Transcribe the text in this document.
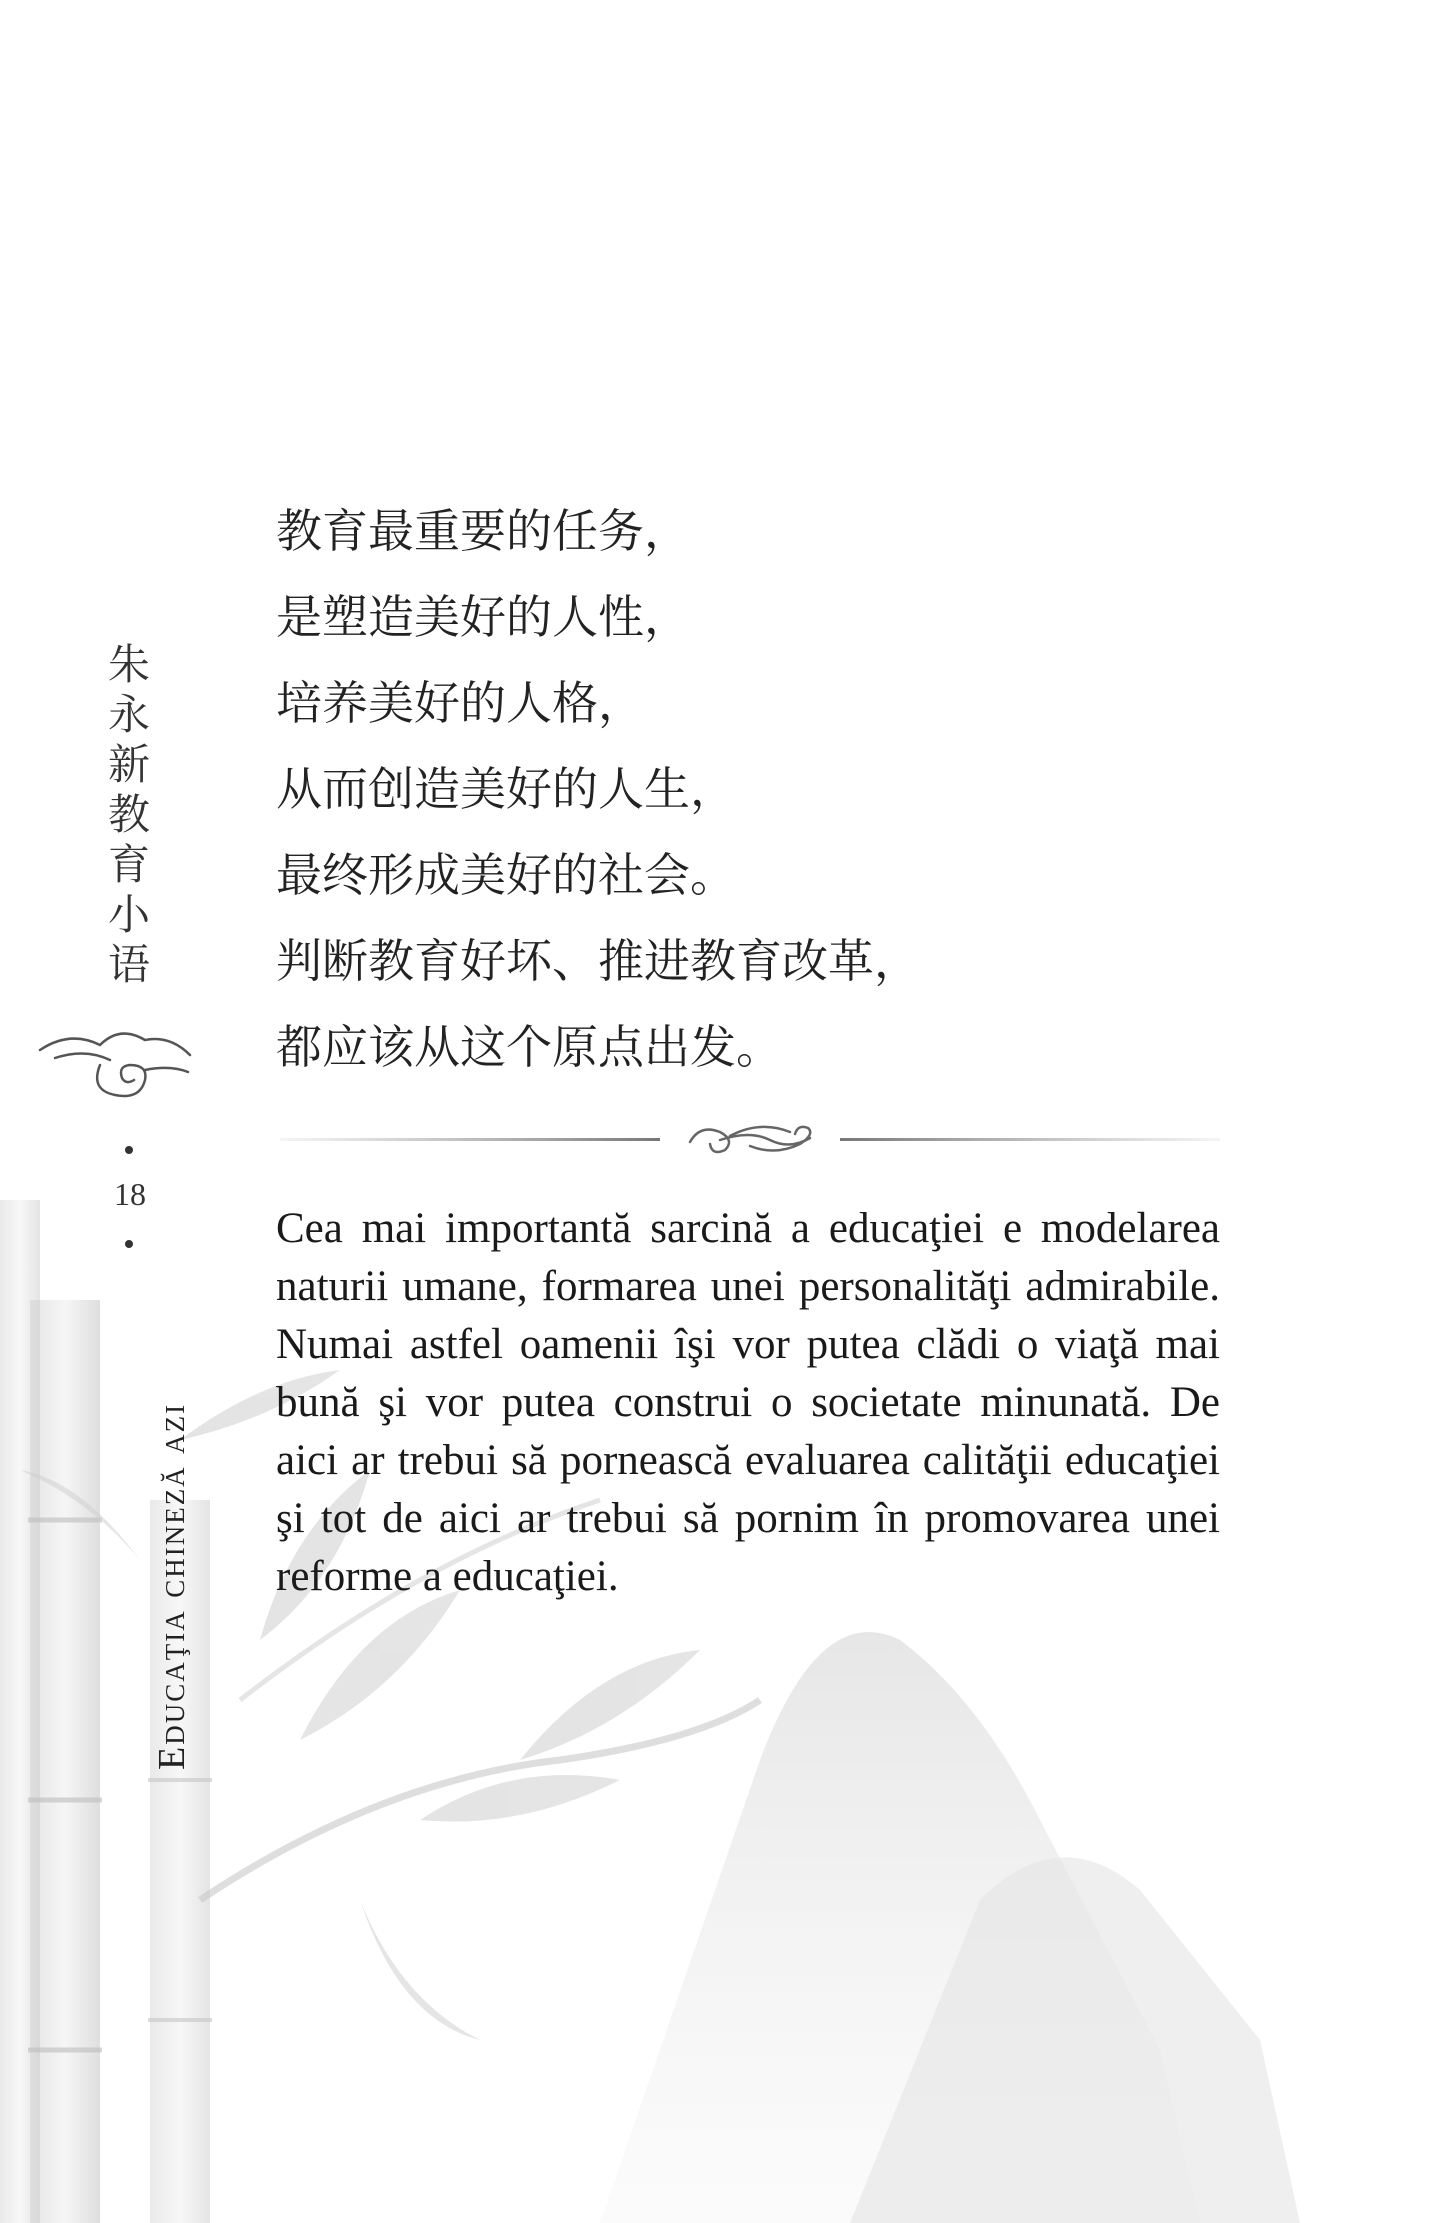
朱永新教育小语
18
Educaţia chineză azi
教育最重要的任务，
是塑造美好的人性，
培养美好的人格，
从而创造美好的人生，
最终形成美好的社会。
判断教育好坏、推进教育改革，
都应该从这个原点出发。
Cea mai importantă sarcină a educaţiei e modelarea naturii umane, formarea unei personalităţi admirabile. Numai astfel oamenii îşi vor putea clădi o viaţă mai bună şi vor putea construi o societate minunată. De aici ar trebui să pornească evaluarea calităţii educaţiei şi tot de aici ar trebui să pornim în promovarea unei reforme a educaţiei.
